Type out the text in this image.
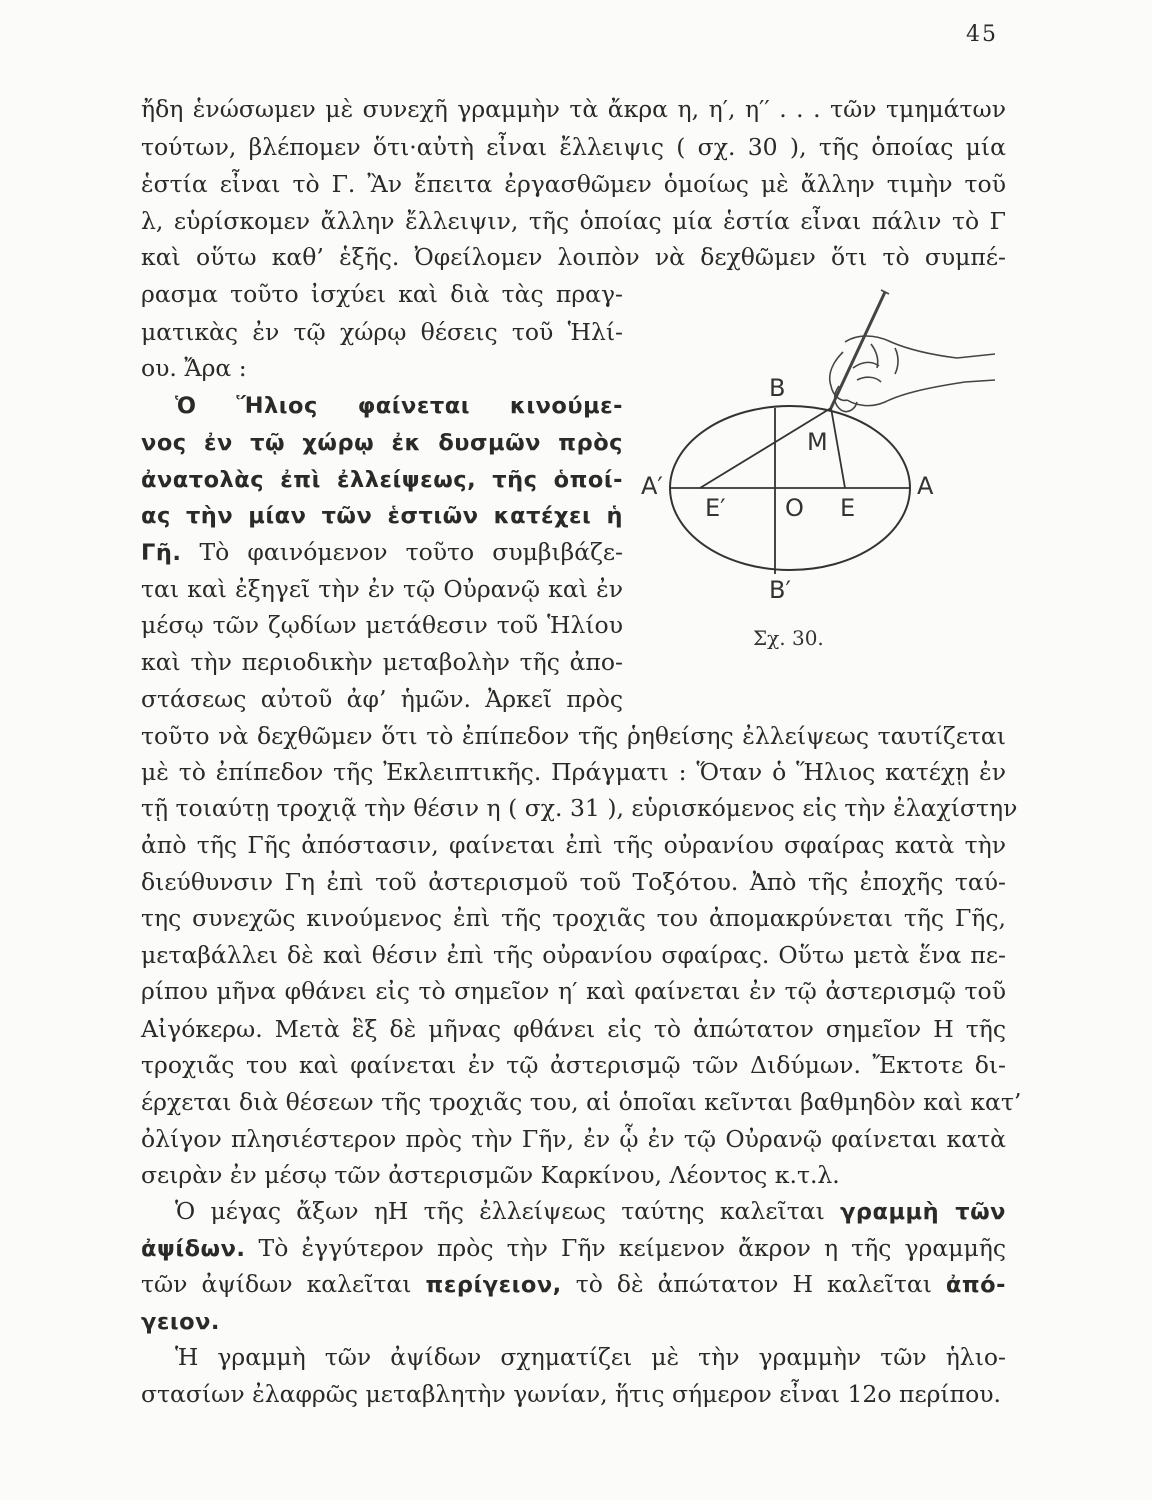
45
ἤδη ἑνώσωμεν μὲ συνεχῆ γραμμὴν τὰ ἄκρα η, η′, η′′ . . . τῶν τμημάτων
τούτων, βλέπομεν ὅτι·αὐτὴ εἶναι ἔλλειψις ( σχ. 30 ), τῆς ὁποίας μία
ἑστία εἶναι τὸ Γ. Ἂν ἔπειτα ἐργασθῶμεν ὁμοίως μὲ ἄλλην τιμὴν τοῦ
λ, εὑρίσκομεν ἄλλην ἔλλειψιν, τῆς ὁποίας μία ἑστία εἶναι πάλιν τὸ Γ
καὶ οὕτω καθ’ ἑξῆς. Ὀφείλομεν λοιπὸν νὰ δεχθῶμεν ὅτι τὸ συμπέ-
ρασμα τοῦτο ἰσχύει καὶ διὰ τὰς πραγ-
ματικὰς ἐν τῷ χώρῳ θέσεις τοῦ Ἡλί-
ου. Ἄρα :
Ὁ Ἥλιος φαίνεται κινούμε-
νος ἐν τῷ χώρῳ ἐκ δυσμῶν πρὸς
ἀνατολὰς ἐπὶ ἐλλείψεως, τῆς ὁποί-
ας τὴν μίαν τῶν ἑστιῶν κατέχει ἡ
Γῆ. Τὸ φαινόμενον τοῦτο συμβιβάζε-
ται καὶ ἐξηγεῖ τὴν ἐν τῷ Οὐρανῷ καὶ ἐν
μέσῳ τῶν ζῳδίων μετάθεσιν τοῦ Ἡλίου
καὶ τὴν περιοδικὴν μεταβολὴν τῆς ἀπο-
στάσεως αὐτοῦ ἀφ’ ἡμῶν. Ἀρκεῖ πρὸς
τοῦτο νὰ δεχθῶμεν ὅτι τὸ ἐπίπεδον τῆς ῥηθείσης ἐλλείψεως ταυτίζεται
μὲ τὸ ἐπίπεδον τῆς Ἐκλειπτικῆς. Πράγματι : Ὅταν ὁ Ἥλιος κατέχῃ ἐν
τῇ τοιαύτῃ τροχιᾷ τὴν θέσιν η ( σχ. 31 ), εὑρισκόμενος εἰς τὴν ἐλαχίστην
ἀπὸ τῆς Γῆς ἀπόστασιν, φαίνεται ἐπὶ τῆς οὐρανίου σφαίρας κατὰ τὴν
διεύθυνσιν Γη ἐπὶ τοῦ ἀστερισμοῦ τοῦ Τοξότου. Ἀπὸ τῆς ἐποχῆς ταύ-
της συνεχῶς κινούμενος ἐπὶ τῆς τροχιᾶς του ἀπομακρύνεται τῆς Γῆς,
μεταβάλλει δὲ καὶ θέσιν ἐπὶ τῆς οὐρανίου σφαίρας. Οὕτω μετὰ ἕνα πε-
ρίπου μῆνα φθάνει εἰς τὸ σημεῖον η′ καὶ φαίνεται ἐν τῷ ἀστερισμῷ τοῦ
Αἰγόκερω. Μετὰ ἓξ δὲ μῆνας φθάνει εἰς τὸ ἀπώτατον σημεῖον Η τῆς
τροχιᾶς του καὶ φαίνεται ἐν τῷ ἀστερισμῷ τῶν Διδύμων. Ἔκτοτε δι-
έρχεται διὰ θέσεων τῆς τροχιᾶς του, αἱ ὁποῖαι κεῖνται βαθμηδὸν καὶ κατ’
ὀλίγον πλησιέστερον πρὸς τὴν Γῆν, ἐν ᾧ ἐν τῷ Οὐρανῷ φαίνεται κατὰ
σειρὰν ἐν μέσῳ τῶν ἀστερισμῶν Καρκίνου, Λέοντος κ.τ.λ.
Ὁ μέγας ἄξων ηΗ τῆς ἐλλείψεως ταύτης καλεῖται γραμμὴ τῶν
ἀψίδων. Τὸ ἐγγύτερον πρὸς τὴν Γῆν κείμενον ἄκρον η τῆς γραμμῆς
τῶν ἀψίδων καλεῖται περίγειον, τὸ δὲ ἀπώτατον Η καλεῖται ἀπό-
γειον.
Ἡ γραμμὴ τῶν ἀψίδων σχηματίζει μὲ τὴν γραμμὴν τῶν ἡλιο-
στασίων ἐλαφρῶς μεταβλητὴν γωνίαν, ἥτις σήμερον εἶναι 12ο περίπου.
B
M
A′	A
E′ O E
B′
Σχ. 30.
